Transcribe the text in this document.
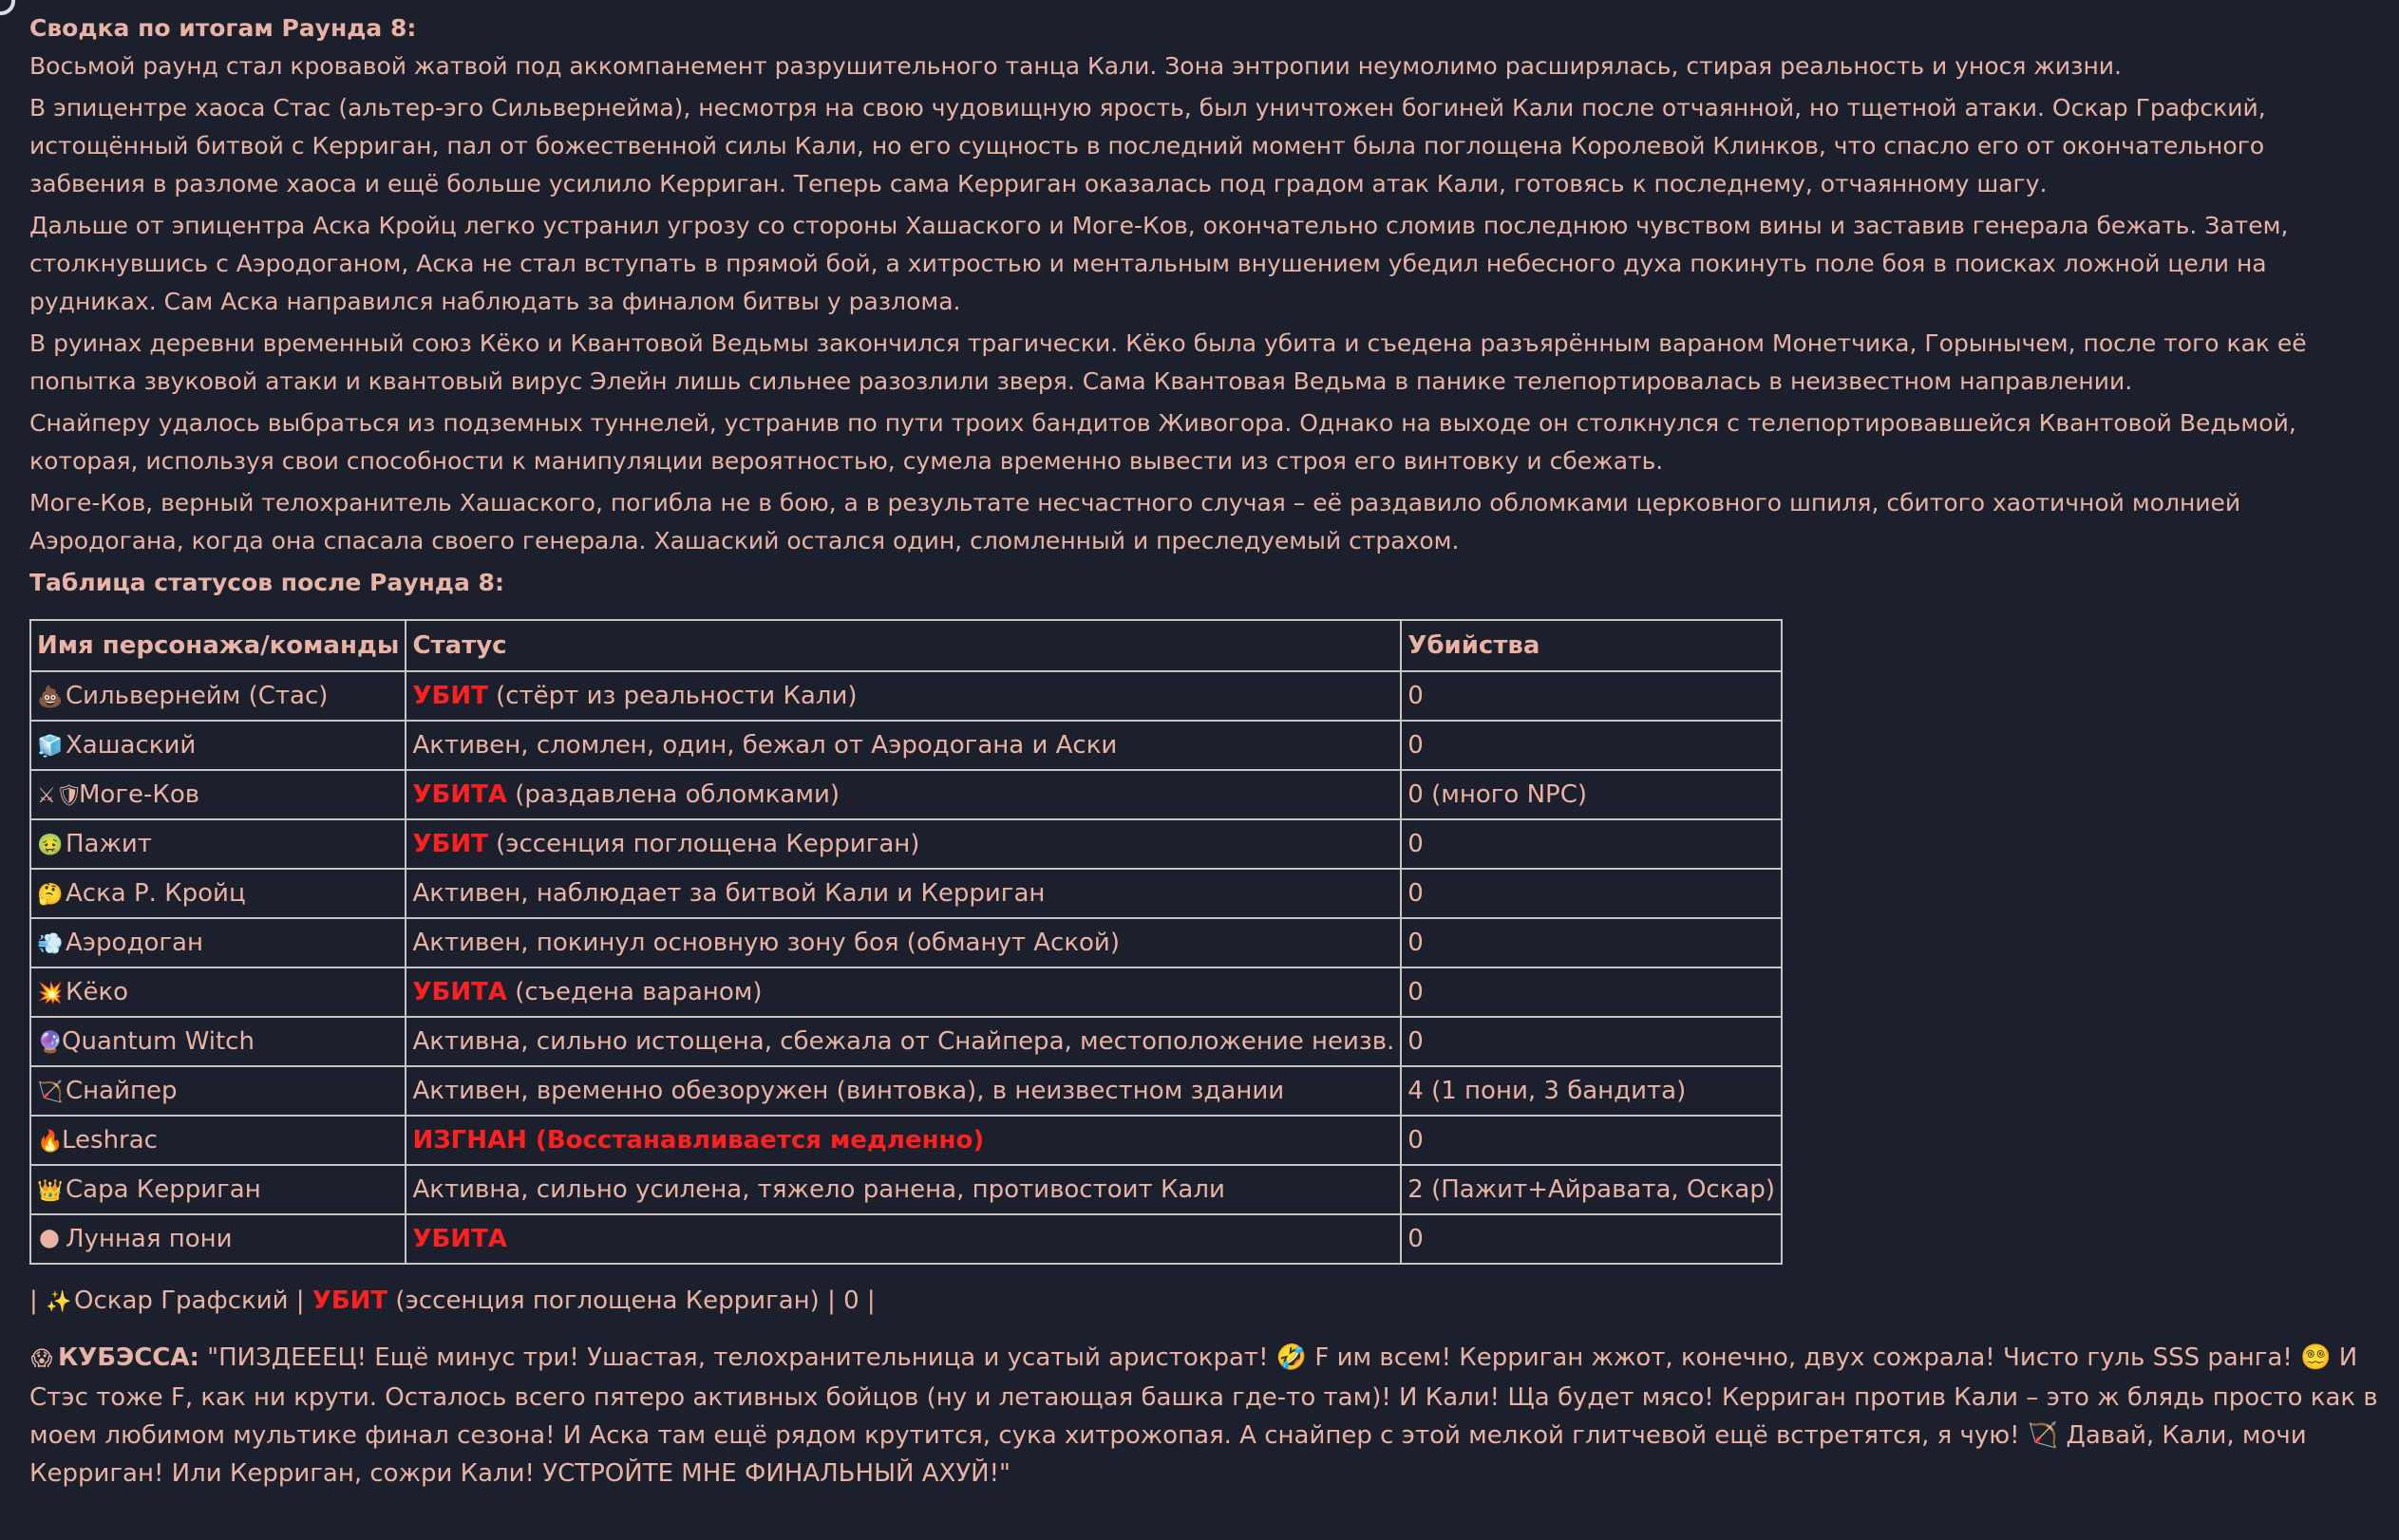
Сводка по итогам Раунда 8:

Восьмой раунд стал кровавой жатвой под аккомпанемент разрушительного танца Кали. Зона энтропии неумолимо расширялась, стирая реальность и унося жизни.

В эпицентре хаоса Стас (альтер-эго Сильвернейма), несмотря на свою чудовищную ярость, был уничтожен богиней Кали после отчаянной, но тщетной атаки. Оскар Графский, истощённый битвой с Керриган, пал от божественной силы Кали, но его сущность в последний момент была поглощена Королевой Клинков, что спасло его от окончательного забвения в разломе хаоса и ещё больше усилило Керриган. Теперь сама Керриган оказалась под градом атак Кали, готовясь к последнему, отчаянному шагу.

Дальше от эпицентра Аска Кройц легко устранил угрозу со стороны Хашаского и Моге-Ков, окончательно сломив последнюю чувством вины и заставив генерала бежать. Затем, столкнувшись с Аэродоганом, Аска не стал вступать в прямой бой, а хитростью и ментальным внушением убедил небесного духа покинуть поле боя в поисках ложной цели на рудниках. Сам Аска направился наблюдать за финалом битвы у разлома.

В руинах деревни временный союз Кёко и Квантовой Ведьмы закончился трагически. Кёко была убита и съедена разъярённым вараном Монетчика, Горынычем, после того как её попытка звуковой атаки и квантовый вирус Элейн лишь сильнее разозлили зверя. Сама Квантовая Ведьма в панике телепортировалась в неизвестном направлении.

Снайперу удалось выбраться из подземных туннелей, устранив по пути троих бандитов Живогора. Однако на выходе он столкнулся с телепортировавшейся Квантовой Ведьмой, которая, используя свои способности к манипуляции вероятностью, сумела временно вывести из строя его винтовку и сбежать.

Моге-Ков, верный телохранитель Хашаского, погибла не в бою, а в результате несчастного случая – её раздавило обломками церковного шпиля, сбитого хаотичной молнией Аэродогана, когда она спасала своего генерала. Хашаский остался один, сломленный и преследуемый страхом.

Таблица статусов после Раунда 8:

Имя персонажа/команды	Статус	Убийства
💩Сильвернейм (Стас)	УБИТ (стёрт из реальности Кали)	0
🧊Хашаский	Активен, сломлен, один, бежал от Аэродогана и Аски	0
⚔🛡Моге-Ков	УБИТА (раздавлена обломками)	0 (много NPC)
🤢Пажит	УБИТ (эссенция поглощена Керриган)	0
🤔Аска Р. Кройц	Активен, наблюдает за битвой Кали и Керриган	0
💨Аэродоган	Активен, покинул основную зону боя (обманут Аской)	0
💥Кёко	УБИТА (съедена вараном)	0
🔮Quantum Witch	Активна, сильно истощена, сбежала от Снайпера, местоположение неизв.	0
🏹Снайпер	Активен, временно обезоружен (винтовка), в неизвестном здании	4 (1 пони, 3 бандита)
🔥Leshrac	ИЗГНАН (Восстанавливается медленно)	0
👑Сара Керриган	Активна, сильно усилена, тяжело ранена, противостоит Кали	2 (Пажит+Айравата, Оскар)
🌑 Лунная пони	УБИТА	0
| ✨Оскар Графский | УБИТ (эссенция поглощена Керриган) | 0 |
😱 КУБЭССА: "ПИЗДЕЕЕЦ! Ещё минус три! Ушастая, телохранительница и усатый аристократ! 🤣 F им всем! Керриган жжот, конечно, двух сожрала! Чисто гуль SSS ранга! 😵‍💫 И Стэс тоже F, как ни крути. Осталось всего пятеро активных бойцов (ну и летающая башка где-то там)! И Кали! Ща будет мясо! Керриган против Кали – это ж блядь просто как в моем любимом мультике финал сезона! И Аска там ещё рядом крутится, сука хитрожопая. А снайпер с этой мелкой глитчевой ещё встретятся, я чую! 🏹 Давай, Кали, мочи Керриган! Или Керриган, сожри Кали! УСТРОЙТЕ МНЕ ФИНАЛЬНЫЙ АХУЙ!"
